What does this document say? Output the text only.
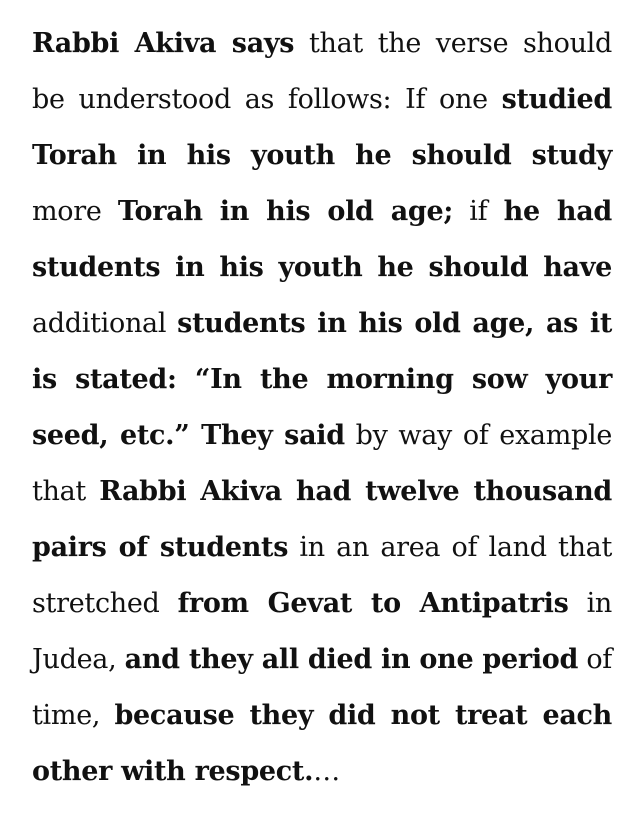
Rabbi Akiva says that the verse should be understood as follows: If one studied Torah in his youth he should study more Torah in his old age; if he had students in his youth he should have additional students in his old age, as it is stated: “In the morning sow your seed, etc.” They said by way of example that Rabbi Akiva had twelve thousand pairs of students in an area of land that stretched from Gevat to Antipatris in Judea, and they all died in one period of time, because they did not treat each other with respect.…
